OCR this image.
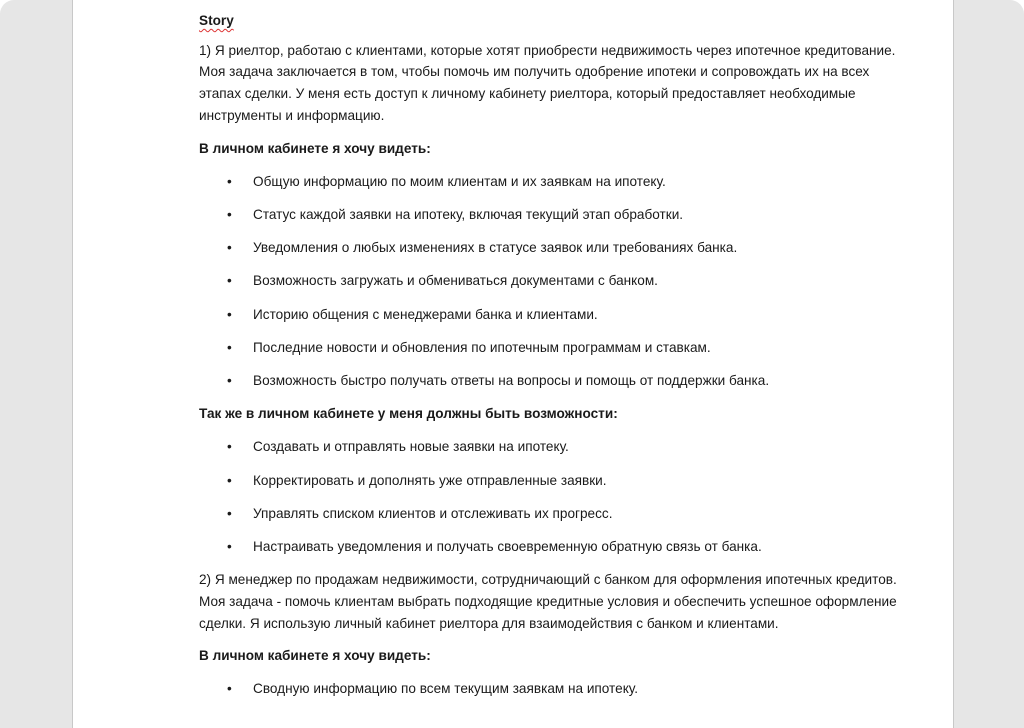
Story

1) Я риелтор, работаю с клиентами, которые хотят приобрести недвижимость через ипотечное кредитование. Моя задача заключается в том, чтобы помочь им получить одобрение ипотеки и сопровождать их на всех этапах сделки. У меня есть доступ к личному кабинету риелтора, который предоставляет необходимые инструменты и информацию.

В личном кабинете я хочу видеть:
• Общую информацию по моим клиентам и их заявкам на ипотеку.
• Статус каждой заявки на ипотеку, включая текущий этап обработки.
• Уведомления о любых изменениях в статусе заявок или требованиях банка.
• Возможность загружать и обмениваться документами с банком.
• Историю общения с менеджерами банка и клиентами.
• Последние новости и обновления по ипотечным программам и ставкам.
• Возможность быстро получать ответы на вопросы и помощь от поддержки банка.
Так же в личном кабинете у меня должны быть возможности:
• Создавать и отправлять новые заявки на ипотеку.
• Корректировать и дополнять уже отправленные заявки.
• Управлять списком клиентов и отслеживать их прогресс.
• Настраивать уведомления и получать своевременную обратную связь от банка.

2) Я менеджер по продажам недвижимости, сотрудничающий с банком для оформления ипотечных кредитов. Моя задача - помочь клиентам выбрать подходящие кредитные условия и обеспечить успешное оформление сделки. Я использую личный кабинет риелтора для взаимодействия с банком и клиентами.

В личном кабинете я хочу видеть:
• Сводную информацию по всем текущим заявкам на ипотеку.
